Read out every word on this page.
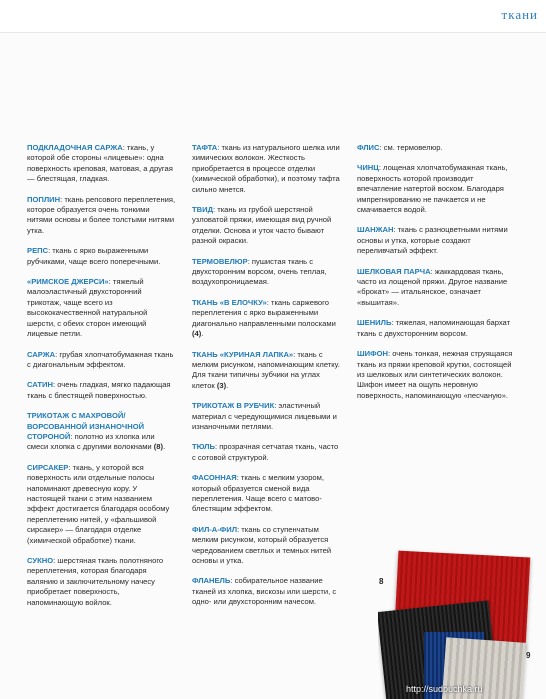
ткани

ПОДКЛАДОЧНАЯ САРЖА: ткань, у которой обе стороны «лицевые»: одна поверхность креповая, матовая, а другая — блестящая, гладкая.

ПОПЛИН: ткань репсового переплетения, которое образуется очень тонкими нитями основы и более толстыми нитями утка.

РЕПС: ткань с ярко выраженными рубчиками, чаще всего поперечными.

«РИМСКОЕ ДЖЕРСИ»: тяжелый малоэластичный двухсторонний трикотаж, чаще всего из высококачественной натуральной шерсти, с обеих сторон имеющий лицевые петли.

САРЖА: грубая хлопчатобумажная ткань с диагональным эффектом.

САТИН: очень гладкая, мягко падающая ткань с блестящей поверхностью.

ТРИКОТАЖ С МАХРОВОЙ/ВОРСОВАННОЙ ИЗНАНОЧНОЙ СТОРОНОЙ: полотно из хлопка или смеси хлопка с другими волокнами (8).

СИРСАКЕР: ткань, у которой вся поверхность или отдельные полосы напоминают древесную кору. У настоящей ткани с этим названием эффект достигается благодаря особому переплетению нитей, у «фальшивой сирсакер» — благодаря отделке (химической обработке) ткани.

СУКНО: шерстяная ткань полотняного переплетения, которая благодаря валянию и заключительному начесу приобретает поверхность, напоминающую войлок.

ТАФТА: ткань из натурального шелка или химических волокон. Жесткость приобретается в процессе отделки (химической обработки), и поэтому тафта сильно мнется.

ТВИД: ткань из грубой шерстяной узловатой пряжи, имеющая вид ручной отделки. Основа и уток часто бывают разной окраски.

ТЕРМОВЕЛЮР: пушистая ткань с двухсторонним ворсом, очень теплая, воздухопроницаемая.

ТКАНЬ «В ЕЛОЧКУ»: ткань саржевого переплетения с ярко выраженными диагонально направленными полосками (4).

ТКАНЬ «КУРИНАЯ ЛАПКА»: ткань с мелким рисунком, напоминающим клетку. Для ткани типичны зубчики на углах клеток (3).

ТРИКОТАЖ В РУБЧИК: эластичный материал с чередующимися лицевыми и изнаночными петлями.

ТЮЛЬ: прозрачная сетчатая ткань, часто с сотовой структурой.

ФАСОННАЯ: ткань с мелким узором, который образуется сменой вида переплетения. Чаще всего с матово-блестящим эффектом.

ФИЛ-А-ФИЛ: ткань со ступенчатым мелким рисунком, который образуется чередованием светлых и темных нитей основы и утка.

ФЛАНЕЛЬ: собирательное название тканей из хлопка, вискозы или шерсти, с одно- или двухсторонним начесом.

ФЛИС: см. термовелюр.

ЧИНЦ: лощеная хлопчатобумажная ткань, поверхность которой производит впечатление натертой воском. Благодаря импрегнированию не пачкается и не смачивается водой.

ШАНЖАН: ткань с разноцветными нитями основы и утка, которые создают переливчатый эффект.

ШЕЛКОВАЯ ПАРЧА: жаккардовая ткань, часто из лощеной пряжи. Другое название «брокат» — итальянское, означает «вышитая».

ШЕНИЛЬ: тяжелая, напоминающая бархат ткань с двухсторонним ворсом.

ШИФОН: очень тонкая, нежная струящаяся ткань из пряжи креповой крутки, состоящей из шелковых или синтетических волокон. Шифон имеет на ощупь неровную поверхность, напоминающую «песчаную».

8
9
http://sudpuchka.ru
